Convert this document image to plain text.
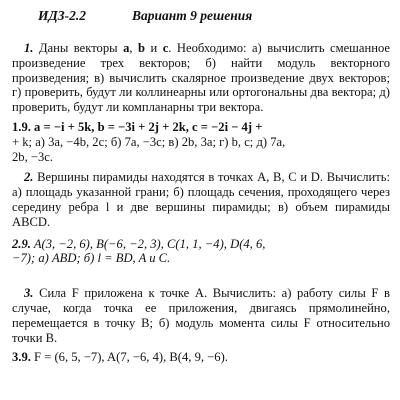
ИДЗ-2.2	Вариант 9 решения
1. Даны векторы a, b и c. Необходимо: а) вычислить смешанное произведение трех векторов; б) найти модуль векторного произведения; в) вычислить скалярное произведение двух векторов; г) проверить, будут ли коллинеарны или ортогональны два вектора; д) проверить, будут ли компланарны три вектора.
1.9. a = −i + 5k, b = −3i + 2j + 2k, c = −2i − 4j +
+ k; а) 3a, −4b, 2c; б) 7a, −3c; в) 2b, 3a; г) b, c; д) 7a,
2b, −3c.
2. Вершины пирамиды находятся в точках A, B, C и D. Вычислить: а) площадь указанной грани; б) площадь сечения, проходящего через середину ребра l и две вершины пирамиды; в) объем пирамиды ABCD.
2.9. A(3, −2, 6), B(−6, −2, 3), C(1, 1, −4), D(4, 6,
−7); а) ABD; б) l = BD, A и C.
3. Сила F приложена к точке A. Вычислить: а) работу силы F в случае, когда точка ее приложения, двигаясь прямолинейно, перемещается в точку B; б) модуль момента силы F относительно точки B.
3.9. F = (6, 5, −7), A(7, −6, 4), B(4, 9, −6).
